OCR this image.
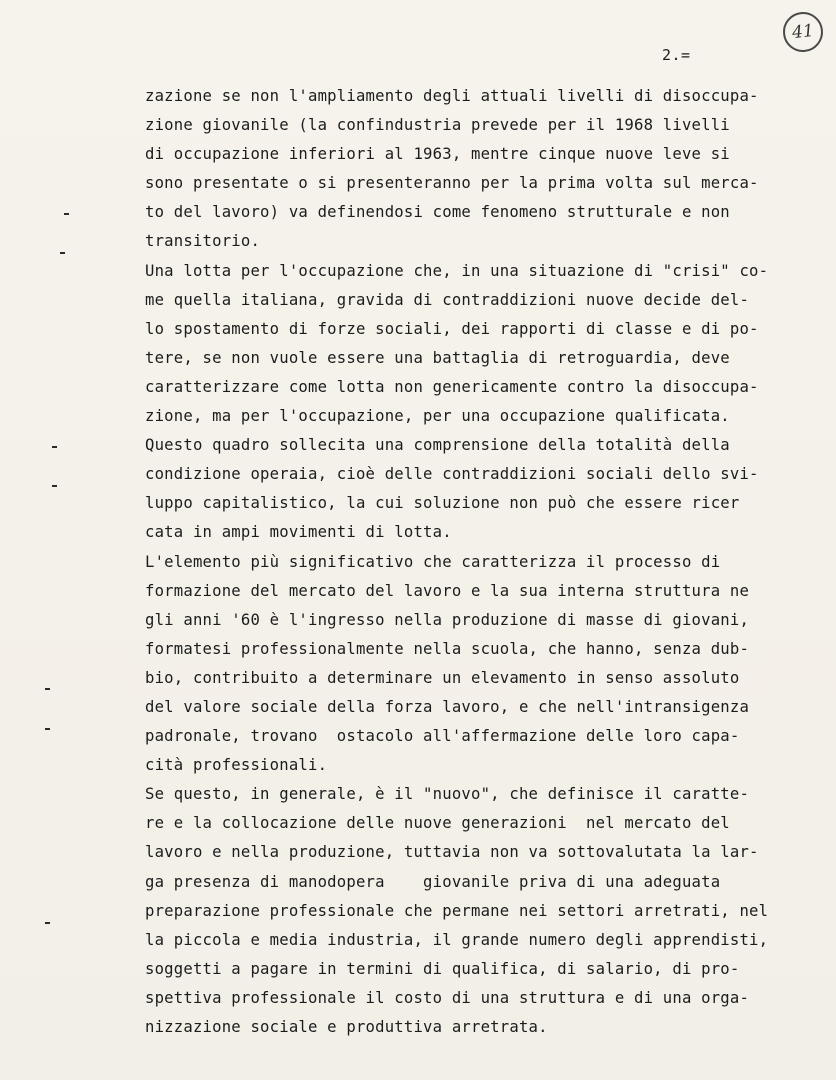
41
2.=
zazione se non l'ampliamento degli attuali livelli di disoccupa-
zione giovanile (la confindustria prevede per il 1968 livelli
di occupazione inferiori al 1963, mentre cinque nuove leve si
sono presentate o si presenteranno per la prima volta sul merca-
to del lavoro) va definendosi come fenomeno strutturale e non
transitorio.
Una lotta per l'occupazione che, in una situazione di "crisi" co-
me quella italiana, gravida di contraddizioni nuove decide del-
lo spostamento di forze sociali, dei rapporti di classe e di po-
tere, se non vuole essere una battaglia di retroguardia, deve
caratterizzare come lotta non genericamente contro la disoccupa-
zione, ma per l'occupazione, per una occupazione qualificata.
Questo quadro sollecita una comprensione della totalità della
condizione operaia, cioè delle contraddizioni sociali dello svi-
luppo capitalistico, la cui soluzione non può che essere ricer
cata in ampi movimenti di lotta.
L'elemento più significativo che caratterizza il processo di
formazione del mercato del lavoro e la sua interna struttura ne
gli anni '60 è l'ingresso nella produzione di masse di giovani,
formatesi professionalmente nella scuola, che hanno, senza dub-
bio, contribuito a determinare un elevamento in senso assoluto
del valore sociale della forza lavoro, e che nell'intransigenza
padronale, trovano  ostacolo all'affermazione delle loro capa-
cità professionali.
Se questo, in generale, è il "nuovo", che definisce il caratte-
re e la collocazione delle nuove generazioni  nel mercato del
lavoro e nella produzione, tuttavia non va sottovalutata la lar-
ga presenza di manodopera    giovanile priva di una adeguata
preparazione professionale che permane nei settori arretrati, nel
la piccola e media industria, il grande numero degli apprendisti,
soggetti a pagare in termini di qualifica, di salario, di pro-
spettiva professionale il costo di una struttura e di una orga-
nizzazione sociale e produttiva arretrata.
